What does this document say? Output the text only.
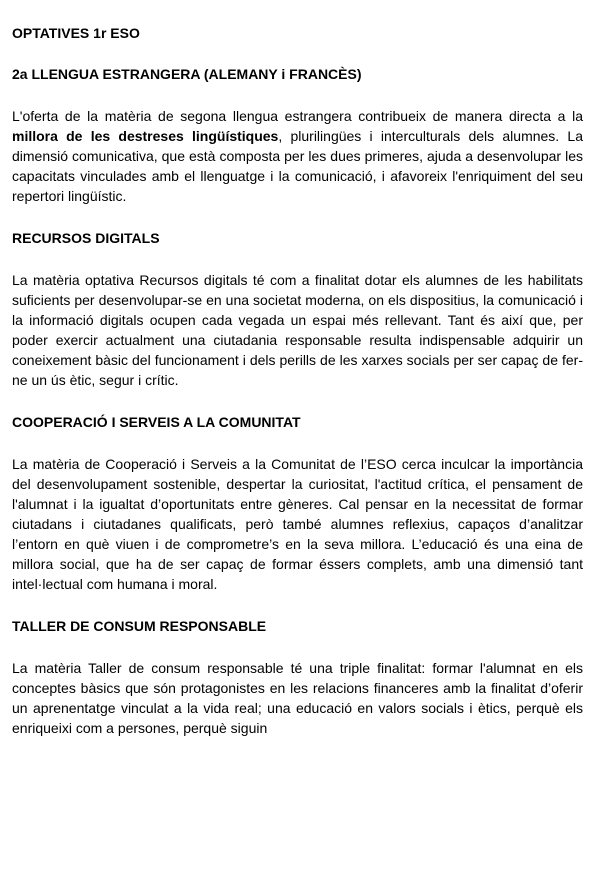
OPTATIVES 1r ESO
2a LLENGUA ESTRANGERA (ALEMANY i FRANCÈS)

L'oferta de la matèria de segona llengua estrangera contribueix de manera directa a la millora de les destreses lingüístiques, plurilingües i interculturals dels alumnes. La dimensió comunicativa, que està composta per les dues primeres, ajuda a desenvolupar les capacitats vinculades amb el llenguatge i la comunicació, i afavoreix l'enriquiment del seu repertori lingüístic.

RECURSOS DIGITALS

La matèria optativa Recursos digitals té com a finalitat dotar els alumnes de les habilitats suficients per desenvolupar-se en una societat moderna, on els dispositius, la comunicació i la informació digitals ocupen cada vegada un espai més rellevant. Tant és així que, per poder exercir actualment una ciutadania responsable resulta indispensable adquirir un coneixement bàsic del funcionament i dels perills de les xarxes socials per ser capaç de fer-ne un ús ètic, segur i crític.

COOPERACIÓ I SERVEIS A LA COMUNITAT

La matèria de Cooperació i Serveis a la Comunitat de l’ESO cerca inculcar la importància del desenvolupament sostenible, despertar la curiositat, l'actitud crítica, el pensament de l'alumnat i la igualtat d’oportunitats entre gèneres. Cal pensar en la necessitat de formar ciutadans i ciutadanes qualificats, però també alumnes reflexius, capaços d’analitzar l’entorn en què viuen i de comprometre’s en la seva millora. L’educació és una eina de millora social, que ha de ser capaç de formar éssers complets, amb una dimensió tant intel·lectual com humana i moral.

TALLER DE CONSUM RESPONSABLE

La matèria Taller de consum responsable té una triple finalitat: formar l'alumnat en els conceptes bàsics que són protagonistes en les relacions financeres amb la finalitat d’oferir un aprenentatge vinculat a la vida real; una educació en valors socials i ètics, perquè els enriqueixi com a persones, perquè siguin
